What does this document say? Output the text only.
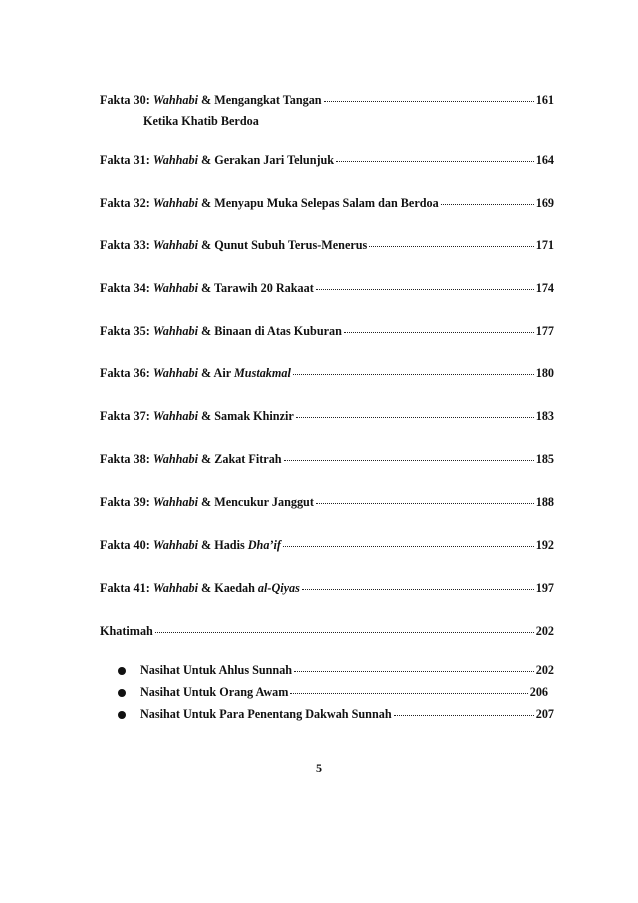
Fakta 30: Wahhabi & Mengangkat Tangan	161
Ketika Khatib Berdoa
Fakta 31: Wahhabi & Gerakan Jari Telunjuk	164
Fakta 32: Wahhabi & Menyapu Muka Selepas Salam dan Berdoa	169
Fakta 33: Wahhabi & Qunut Subuh Terus-Menerus	171
Fakta 34: Wahhabi & Tarawih 20 Rakaat	174
Fakta 35: Wahhabi & Binaan di Atas Kuburan	177
Fakta 36: Wahhabi & Air Mustakmal	180
Fakta 37: Wahhabi & Samak Khinzir	183
Fakta 38: Wahhabi & Zakat Fitrah	185
Fakta 39: Wahhabi & Mencukur Janggut	188
Fakta 40: Wahhabi & Hadis Dha’if	192
Fakta 41: Wahhabi & Kaedah al-Qiyas	197
Khatimah	202
Nasihat Untuk Ahlus Sunnah	202
Nasihat Untuk Orang Awam	206
Nasihat Untuk Para Penentang Dakwah Sunnah	207
5
